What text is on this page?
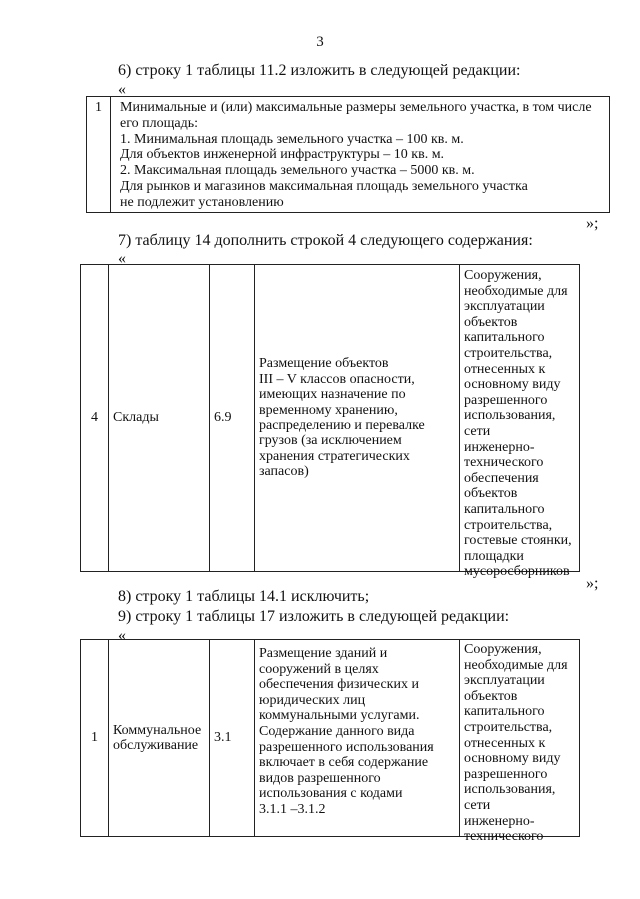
3
6) строку 1 таблицы 11.2 изложить в следующей редакции:
«
1	Минимальные и (или) максимальные размеры земельного участка, в том числе
его площадь:
1. Минимальная площадь земельного участка – 100 кв. м.
Для объектов инженерной инфраструктуры – 10 кв. м.
2. Максимальная площадь земельного участка – 5000 кв. м.
Для рынков и магазинов максимальная площадь земельного участка
не подлежит установлению
»;
7) таблицу 14 дополнить строкой 4 следующего содержания:
«
4 Склады	6.9
Размещение объектов
III – V классов опасности,
имеющих назначение по
временному хранению,
распределению и перевалке
грузов (за исключением
хранения стратегических
запасов)
Сооружения,
необходимые для
эксплуатации
объектов
капитального
строительства,
отнесенных к
основному виду
разрешенного
использования, сети
инженерно-
технического
обеспечения
объектов
капитального
строительства,
гостевые стоянки,
площадки
мусоросборников
»;
8) строку 1 таблицы 14.1 исключить;
9) строку 1 таблицы 17 изложить в следующей редакции:
«
1
Коммунальное
обслуживание
3.1
Размещение зданий и
сооружений в целях
обеспечения физических и
юридических лиц
коммунальными услугами.
Содержание данного вида
разрешенного использования
включает в себя содержание
видов разрешенного
использования с кодами
3.1.1 –3.1.2
Сооружения,
необходимые для
эксплуатации
объектов
капитального
строительства,
отнесенных к
основному виду
разрешенного
использования, сети
инженерно-
технического
